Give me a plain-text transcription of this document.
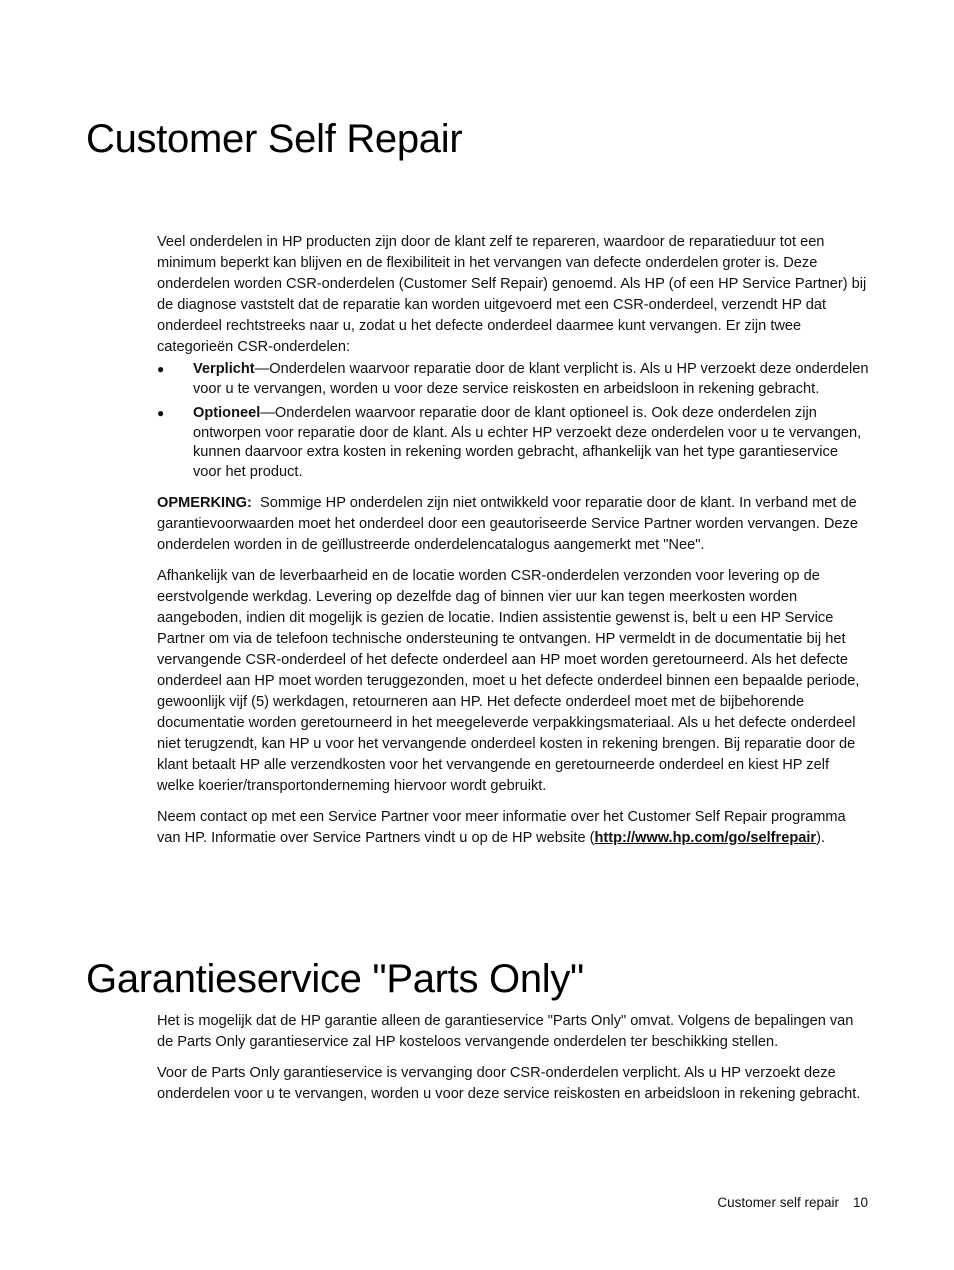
Customer Self Repair

Veel onderdelen in HP producten zijn door de klant zelf te repareren, waardoor de reparatieduur tot een minimum beperkt kan blijven en de flexibiliteit in het vervangen van defecte onderdelen groter is. Deze onderdelen worden CSR-onderdelen (Customer Self Repair) genoemd. Als HP (of een HP Service Partner) bij de diagnose vaststelt dat de reparatie kan worden uitgevoerd met een CSR-onderdeel, verzendt HP dat onderdeel rechtstreeks naar u, zodat u het defecte onderdeel daarmee kunt vervangen. Er zijn twee categorieën CSR-onderdelen:

● Verplicht—Onderdelen waarvoor reparatie door de klant verplicht is. Als u HP verzoekt deze onderdelen voor u te vervangen, worden u voor deze service reiskosten en arbeidsloon in rekening gebracht.
● Optioneel—Onderdelen waarvoor reparatie door de klant optioneel is. Ook deze onderdelen zijn ontworpen voor reparatie door de klant. Als u echter HP verzoekt deze onderdelen voor u te vervangen, kunnen daarvoor extra kosten in rekening worden gebracht, afhankelijk van het type garantieservice voor het product.

OPMERKING: Sommige HP onderdelen zijn niet ontwikkeld voor reparatie door de klant. In verband met de garantievoorwaarden moet het onderdeel door een geautoriseerde Service Partner worden vervangen. Deze onderdelen worden in de geïllustreerde onderdelencatalogus aangemerkt met "Nee".

Afhankelijk van de leverbaarheid en de locatie worden CSR-onderdelen verzonden voor levering op de eerstvolgende werkdag. Levering op dezelfde dag of binnen vier uur kan tegen meerkosten worden aangeboden, indien dit mogelijk is gezien de locatie. Indien assistentie gewenst is, belt u een HP Service Partner om via de telefoon technische ondersteuning te ontvangen. HP vermeldt in de documentatie bij het vervangende CSR-onderdeel of het defecte onderdeel aan HP moet worden geretourneerd. Als het defecte onderdeel aan HP moet worden teruggezonden, moet u het defecte onderdeel binnen een bepaalde periode, gewoonlijk vijf (5) werkdagen, retourneren aan HP. Het defecte onderdeel moet met de bijbehorende documentatie worden geretourneerd in het meegeleverde verpakkingsmateriaal. Als u het defecte onderdeel niet terugzendt, kan HP u voor het vervangende onderdeel kosten in rekening brengen. Bij reparatie door de klant betaalt HP alle verzendkosten voor het vervangende en geretourneerde onderdeel en kiest HP zelf welke koerier/transportonderneming hiervoor wordt gebruikt.

Neem contact op met een Service Partner voor meer informatie over het Customer Self Repair programma van HP. Informatie over Service Partners vindt u op de HP website (http://www.hp.com/go/selfrepair).

Garantieservice "Parts Only"

Het is mogelijk dat de HP garantie alleen de garantieservice "Parts Only" omvat. Volgens de bepalingen van de Parts Only garantieservice zal HP kosteloos vervangende onderdelen ter beschikking stellen.

Voor de Parts Only garantieservice is vervanging door CSR-onderdelen verplicht. Als u HP verzoekt deze onderdelen voor u te vervangen, worden u voor deze service reiskosten en arbeidsloon in rekening gebracht.

Customer self repair 10
